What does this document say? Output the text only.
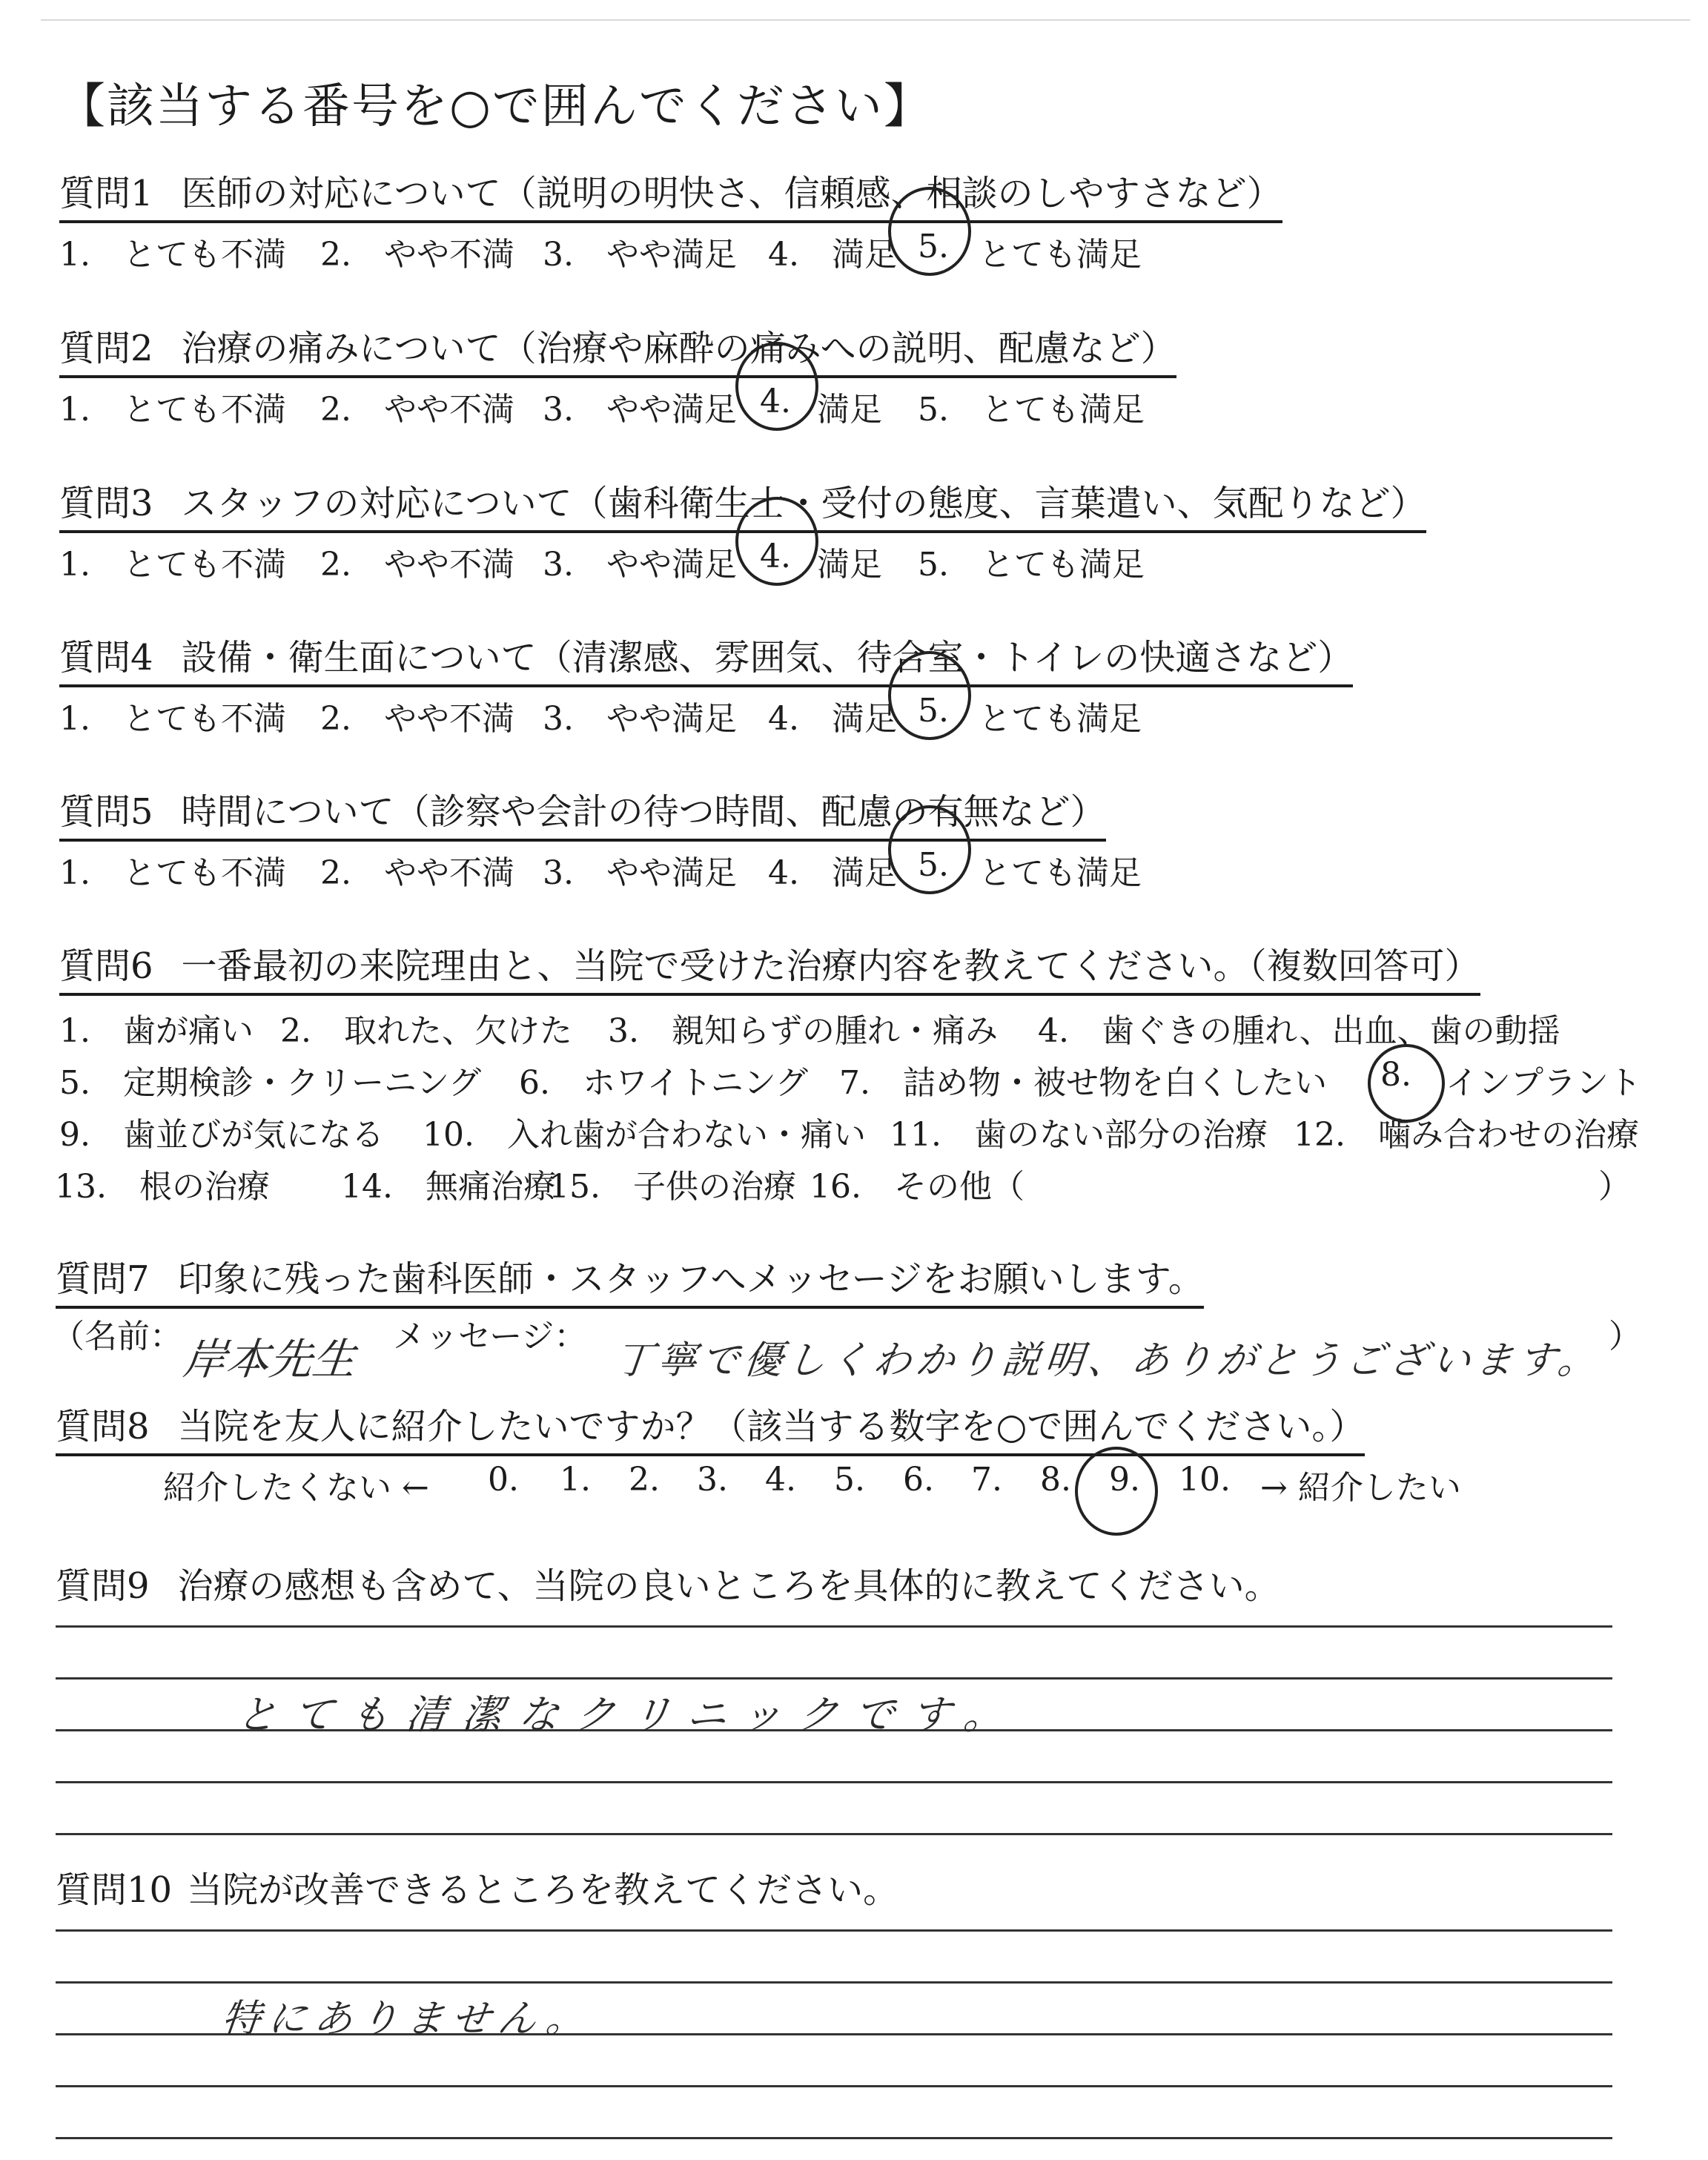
【該当する番号を○で囲んでください】
質問1 医師の対応について（説明の明快さ、信頼感、相談のしやすさなど）
1.　とても不満 2.　やや不満 3.　やや満足 4.　満足 5. とても満足
質問2 治療の痛みについて（治療や麻酔の痛みへの説明、配慮など）
1.　とても不満 2.　やや不満 3.　やや満足 4. 満足 5.　とても満足
質問3 スタッフの対応について（歯科衛生士・受付の態度、言葉遣い、気配りなど）
1.　とても不満 2.　やや不満 3.　やや満足 4. 満足 5.　とても満足
質問4 設備・衛生面について（清潔感、雰囲気、待合室・トイレの快適さなど）
1.　とても不満 2.　やや不満 3.　やや満足 4.　満足 5. とても満足
質問5 時間について（診察や会計の待つ時間、配慮の有無など）
1.　とても不満 2.　やや不満 3.　やや満足 4.　満足 5. とても満足
質問6 一番最初の来院理由と、当院で受けた治療内容を教えてください。（複数回答可）
1.　歯が痛い 2.　取れた、欠けた 3.　親知らずの腫れ・痛み 4.　歯ぐきの腫れ、出血、歯の動揺
5.　定期検診・クリーニング 6.　ホワイトニング 7.　詰め物・被せ物を白くしたい 8. インプラント
9.　歯並びが気になる 10.　入れ歯が合わない・痛い 11.　歯のない部分の治療 12.　噛み合わせの治療
13.　根の治療 14.　無痛治療
15.　子供の治療 16.　その他（	）
質問7 印象に残った歯科医師・スタッフへメッセージをお願いします。
（名前：	メッセージ：	）
岸本先生	丁寧で優しくわかり説明、ありがとうございます。
質問8 当院を友人に紹介したいですか？（該当する数字を○で囲んでください。）
紹介したくない ← 0. 1. 2. 3. 4. 5. 6. 7. 8. 9. 10. → 紹介したい
質問9 治療の感想も含めて、当院の良いところを具体的に教えてください。
とても清潔なクリニックです。
質問10 当院が改善できるところを教えてください。
特にありません。
